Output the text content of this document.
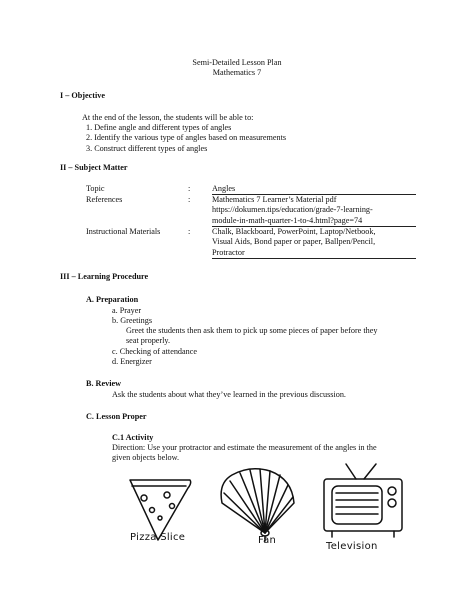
Semi-Detailed Lesson Plan
Mathematics 7
I – Objective
At the end of the lesson, the students will be able to:
1. Define angle and different types of angles
2. Identify the various type of angles based on measurements
3. Construct different types of angles
II – Subject Matter
Topic	:	Angles
References	:	Mathematics 7 Learner’s Material pdf
https://dokumen.tips/education/grade-7-learning-
module-in-math-quarter-1-to-4.html?page=74
Instructional Materials	:	Chalk, Blackboard, PowerPoint, Laptop/Netbook,
Visual Aids, Bond paper or paper, Ballpen/Pencil,
Protractor
III – Learning Procedure
A. Preparation
a. Prayer
b. Greetings
Greet the students then ask them to pick up some pieces of paper before they
seat properly.
c. Checking of attendance
d. Energizer
B. Review
Ask the students about what they’ve learned in the previous discussion.
C. Lesson Proper
C.1 Activity
Direction: Use your protractor and estimate the measurement of the angles in the
given objects below.
Pizza Slice	Fan
Television
